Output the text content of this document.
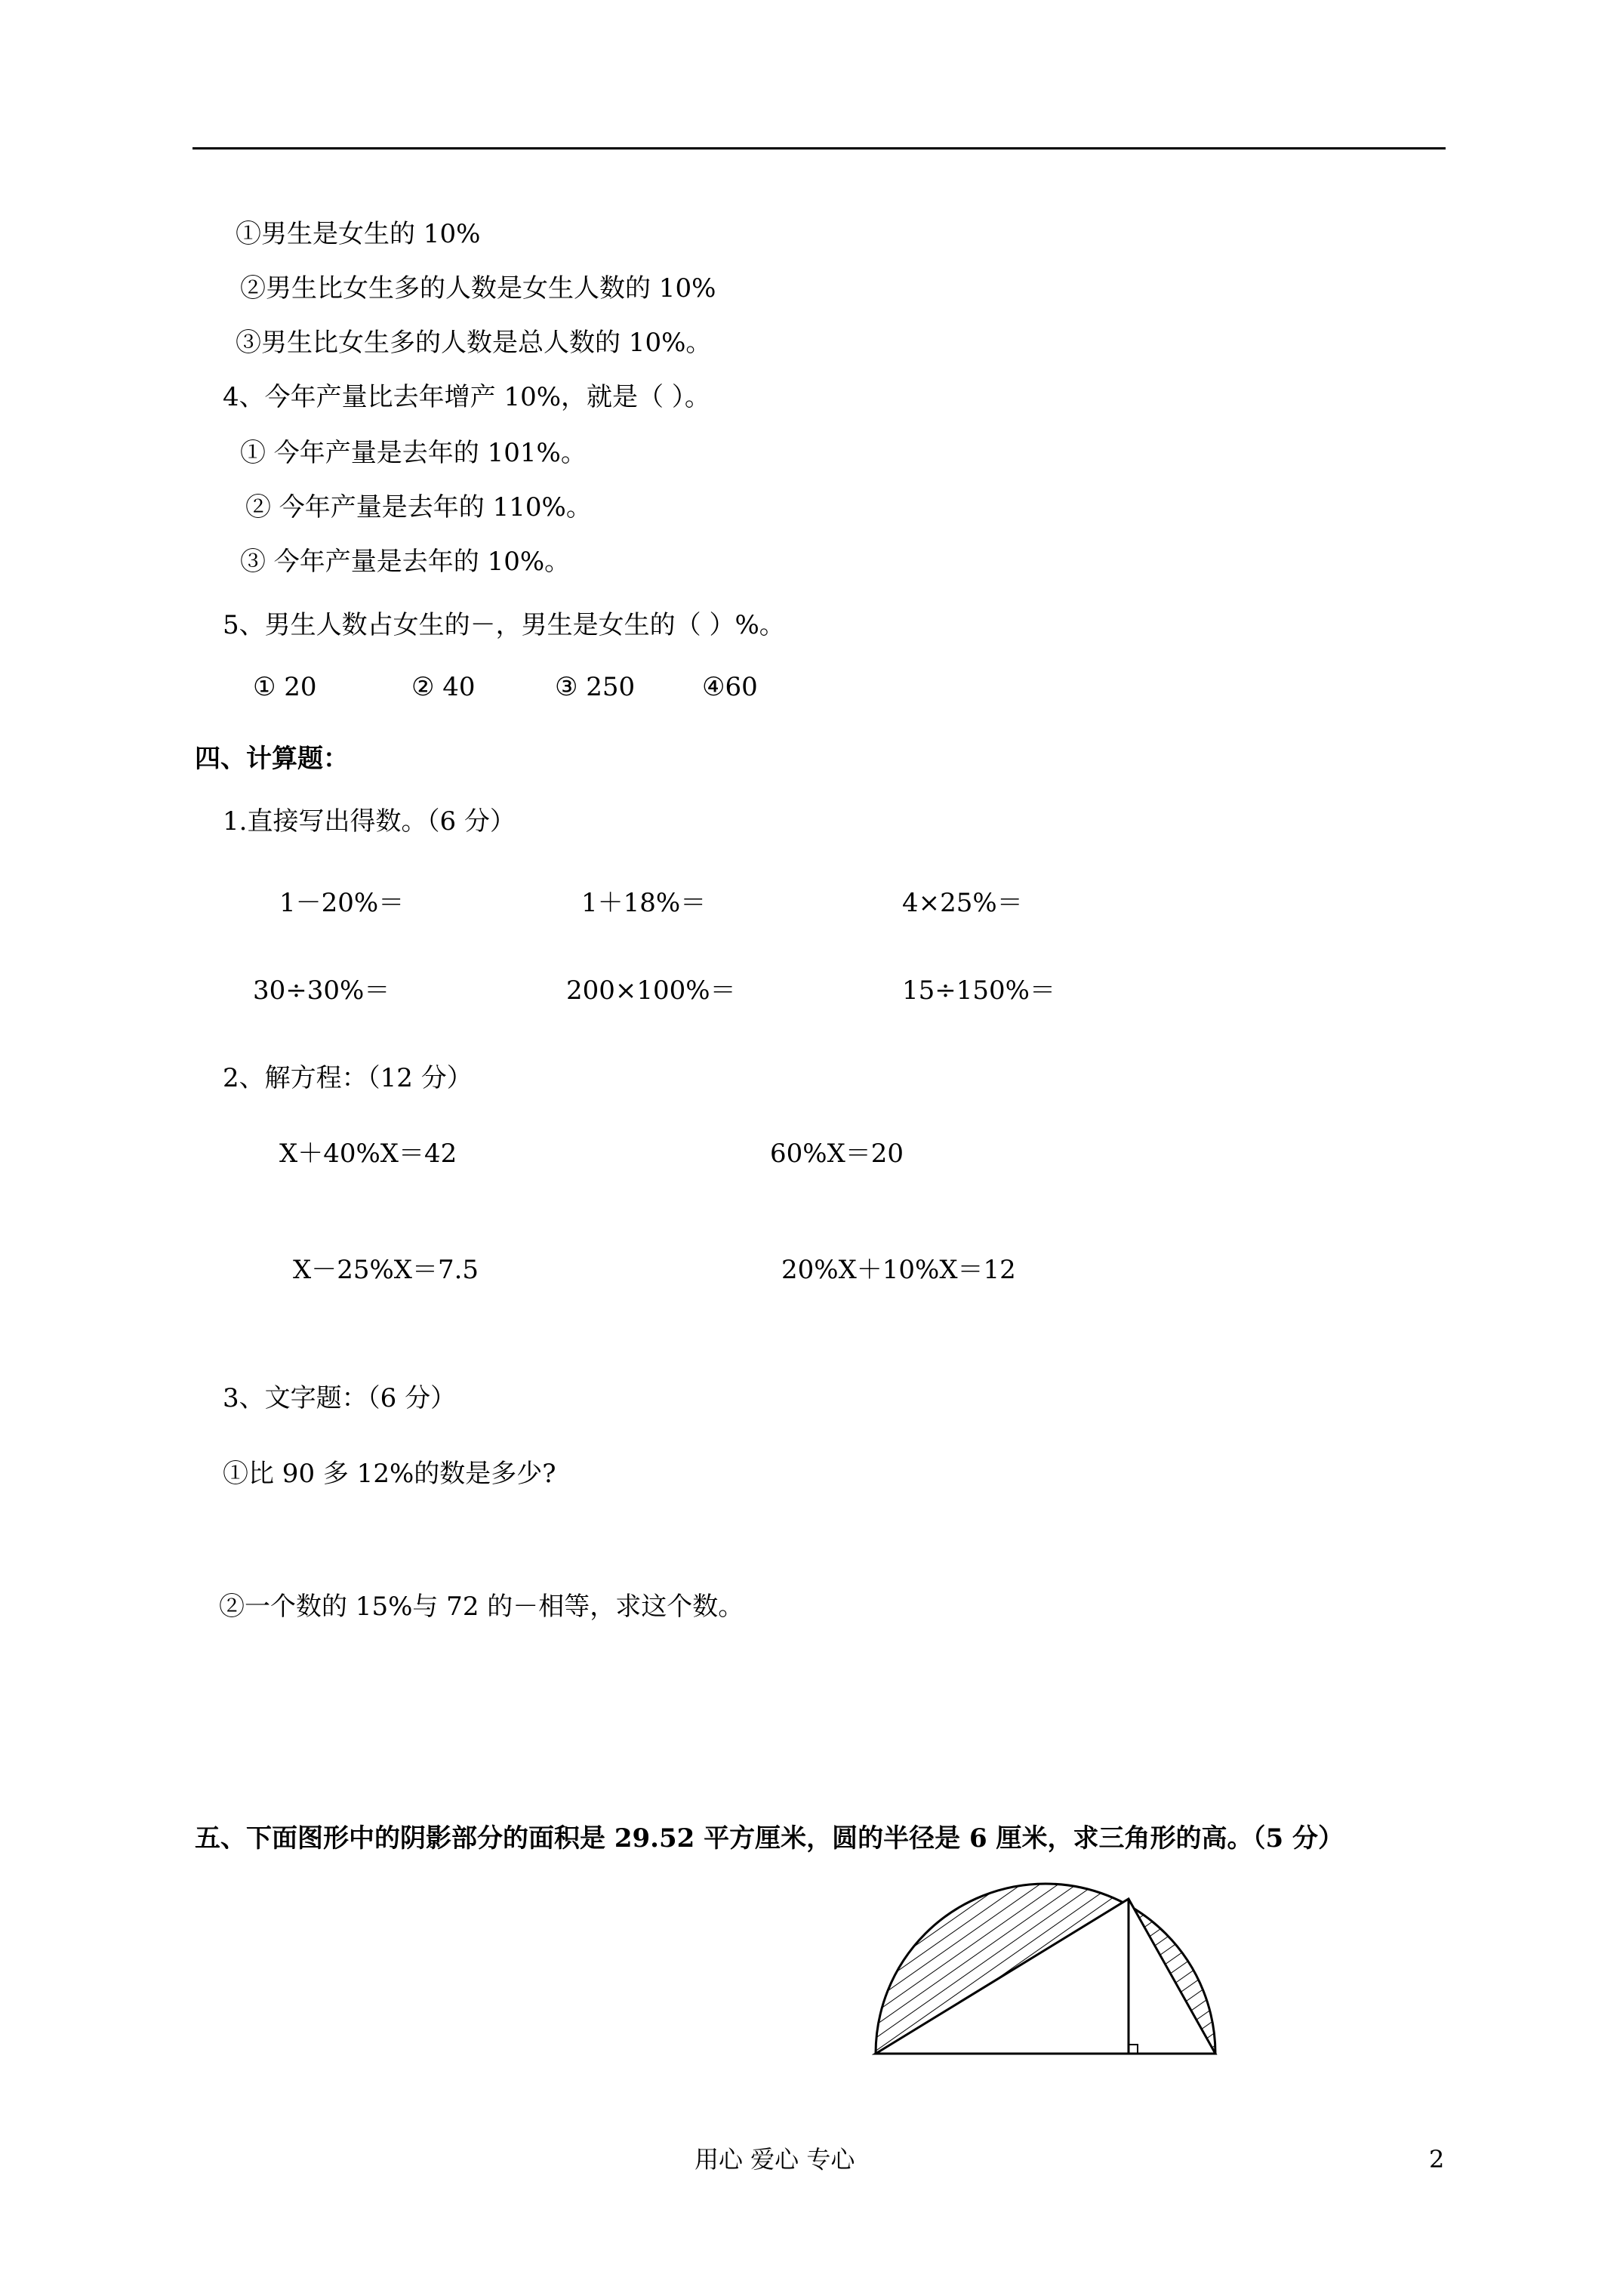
①男生是女生的 10%
②男生比女生多的人数是女生人数的 10%
③男生比女生多的人数是总人数的 10%。
4、今年产量比去年增产 10%，就是（ ）。
① 今年产量是去年的 101%。
② 今年产量是去年的 110%。
③ 今年产量是去年的 10%。
5、男生人数占女生的－，男生是女生的（ ）%。
① 20	② 40	③ 250	④60
四、计算题：
1.直接写出得数。（6 分）
1－20%＝	1＋18%＝	4×25%＝
30÷30%＝	200×100%＝	15÷150%＝
2、解方程：（12 分）
X＋40%X＝42	60%X＝20
X－25%X＝7.5	20%X＋10%X＝12
3、文字题：（6 分）
①比 90 多 12%的数是多少?
②一个数的 15%与 72 的－相等，求这个数。
五、下面图形中的阴影部分的面积是 29.52 平方厘米，圆的半径是 6 厘米，求三角形的高。（5 分）
用心 爱心 专心	2
